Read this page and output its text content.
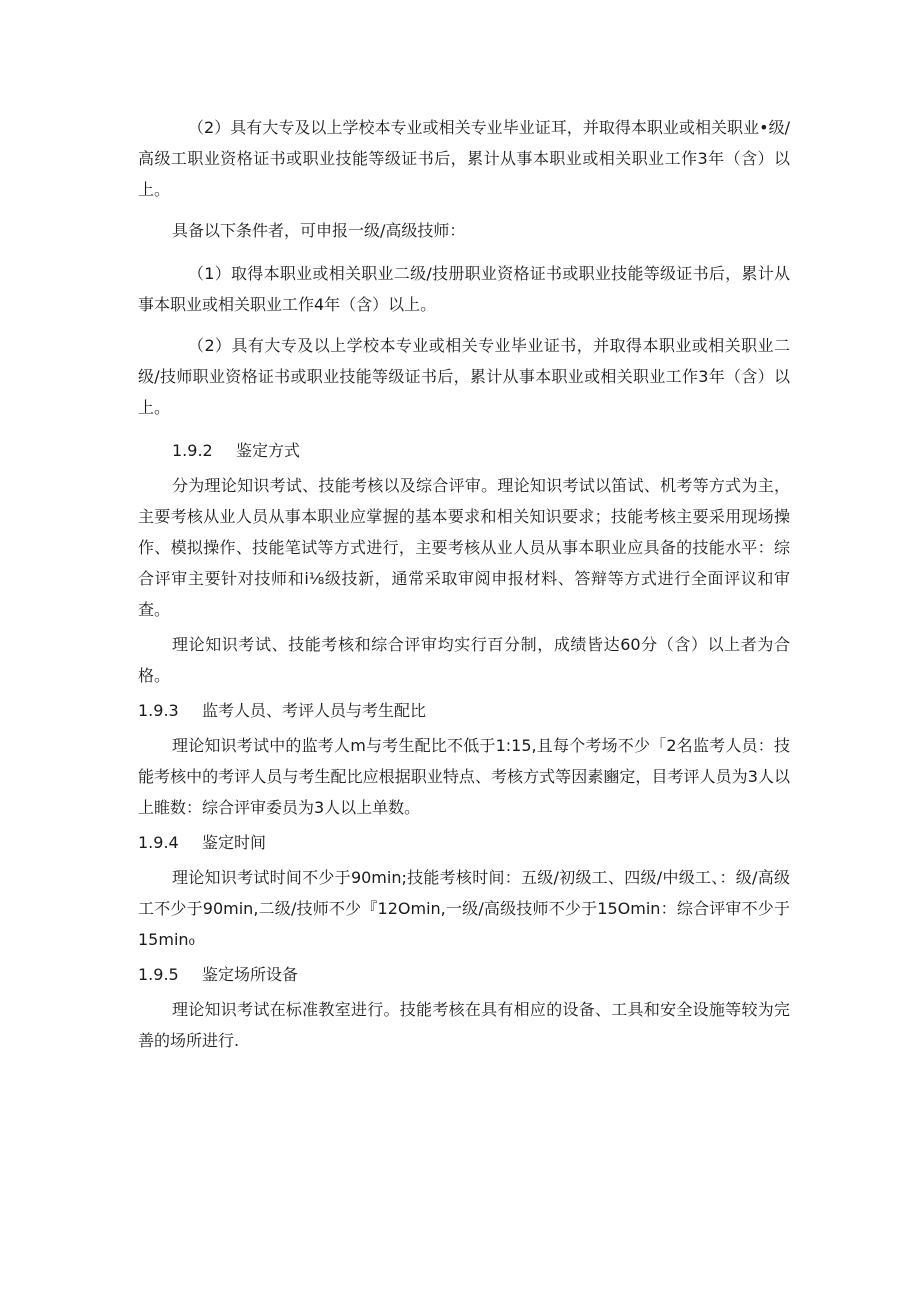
（2）具有大专及以上学校本专业或相关专业毕业证耳，并取得本职业或相关职业•级/高级工职业资格证书或职业技能等级证书后，累计从事本职业或相关职业工作3年（含）以上。

具备以下条件者，可申报一级/高级技师：

（1）取得本职业或相关职业二级/技册职业资格证书或职业技能等级证书后，累计从事本职业或相关职业工作4年（含）以上。

（2）具有大专及以上学校本专业或相关专业毕业证书，并取得本职业或相关职业二级/技师职业资格证书或职业技能等级证书后，累计从事本职业或相关职业工作3年（含）以上。

1.9.2 鉴定方式

分为理论知识考试、技能考核以及综合评审。理论知识考试以笛试、机考等方式为主，主要考核从业人员从事本职业应掌握的基本要求和相关知识要求；技能考核主要采用现场操作、模拟操作、技能笔试等方式进行，主要考核从业人员从事本职业应具备的技能水平：综合评审主要针对技师和i⅛级技新，通常采取审阅申报材料、答辩等方式进行全面评议和审查。

理论知识考试、技能考核和综合评审均实行百分制，成绩皆达60分（含）以上者为合格。

1.9.3 监考人员、考评人员与考生配比

理论知识考试中的监考人m与考生配比不低于1:15,且每个考场不少「2名监考人员：技能考核中的考评人员与考生配比应根据职业特点、考核方式等因素豳定，目考评人员为3人以上睢数：综合评审委员为3人以上单数。

1.9.4 鉴定时间

理论知识考试时间不少于90min;技能考核时间：五级/初级工、四级/中级工、：级/高级工不少于90min,二级/技师不少『12Omin,一级/高级技师不少于15Omin：综合评审不少于15min₀

1.9.5 鉴定场所设备

理论知识考试在标准教室进行。技能考核在具有相应的设备、工具和安全设施等较为完善的场所进行.
